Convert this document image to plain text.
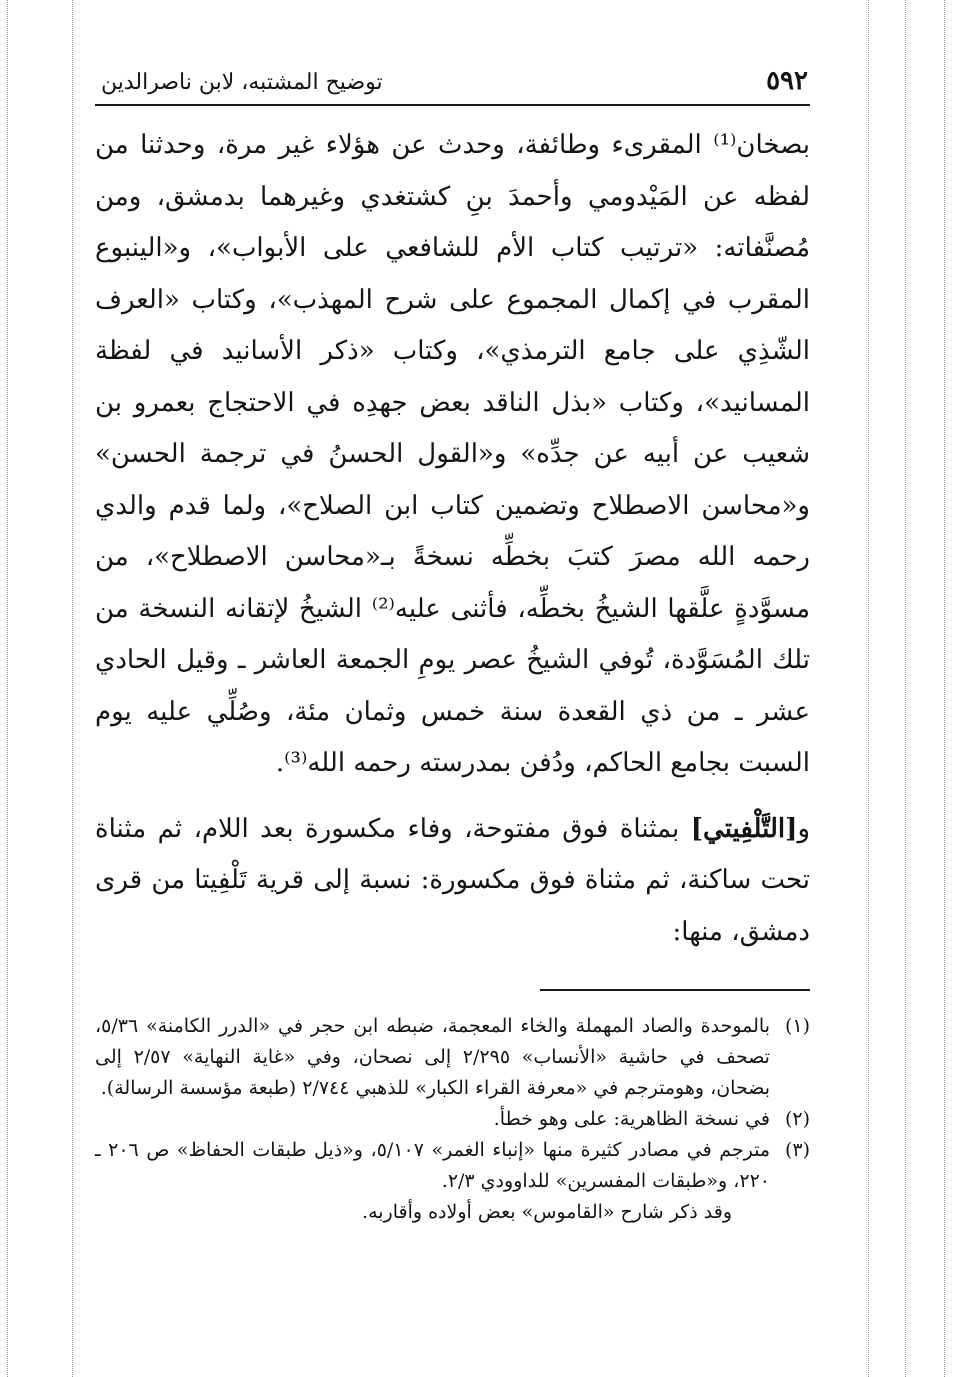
٥٩٢
توضيح المشتبه، لابن ناصرالدين

بصخان⁽¹⁾ المقرىء وطائفة، وحدث عن هؤلاء غير مرة، وحدثنا من لفظه عن المَيْدومي وأحمدَ بنِ كشتغدي وغيرهما بدمشق، ومن مُصنَّفاته: «ترتيب كتاب الأم للشافعي على الأبواب»، و«الينبوع المقرب في إكمال المجموع على شرح المهذب»، وكتاب «العرف الشّذِي على جامع الترمذي»، وكتاب «ذكر الأسانيد في لفظة المسانيد»، وكتاب «بذل الناقد بعض جهدِه في الاحتجاج بعمرو بن شعيب عن أبيه عن جدِّه» و«القول الحسنُ في ترجمة الحسن» و«محاسن الاصطلاح وتضمين كتاب ابن الصلاح»، ولما قدم والدي رحمه الله مصرَ كتبَ بخطِّه نسخةً بـ«محاسن الاصطلاح»، من مسوَّدةٍ علَّقها الشيخُ بخطِّه، فأثنى عليه⁽²⁾ الشيخُ لإتقانه النسخة من تلك المُسَوَّدة، تُوفي الشيخُ عصر يومِ الجمعة العاشر ـ وقيل الحادي عشر ـ من ذي القعدة سنة خمس وثمان مئة، وصُلِّي عليه يوم السبت بجامع الحاكم، ودُفن بمدرسته رحمه الله⁽³⁾.

و[التَّلْفِيتي] بمثناة فوق مفتوحة، وفاء مكسورة بعد اللام، ثم مثناة تحت ساكنة، ثم مثناة فوق مكسورة: نسبة إلى قرية تَلْفِيتا من قرى دمشق، منها:

(١)
بالموحدة والصاد المهملة والخاء المعجمة، ضبطه ابن حجر في «الدرر الكامنة» ٥/٣٦، تصحف في حاشية «الأنساب» ٢/٢٩٥ إلى نصحان، وفي «غاية النهاية» ٢/٥٧ إلى بضحان، وهومترجم في «معرفة القراء الكبار» للذهبي ٢/٧٤٤ (طبعة مؤسسة الرسالة).
(٢)
في نسخة الظاهرية: على وهو خطأ.
(٣)
مترجم في مصادر كثيرة منها «إنباء الغمر» ٥/١٠٧، و«ذيل طبقات الحفاظ» ص ٢٠٦ ـ ٢٢٠، و«طبقات المفسرين» للداوودي ٢/٣.
وقد ذكر شارح «القاموس» بعض أولاده وأقاربه.
